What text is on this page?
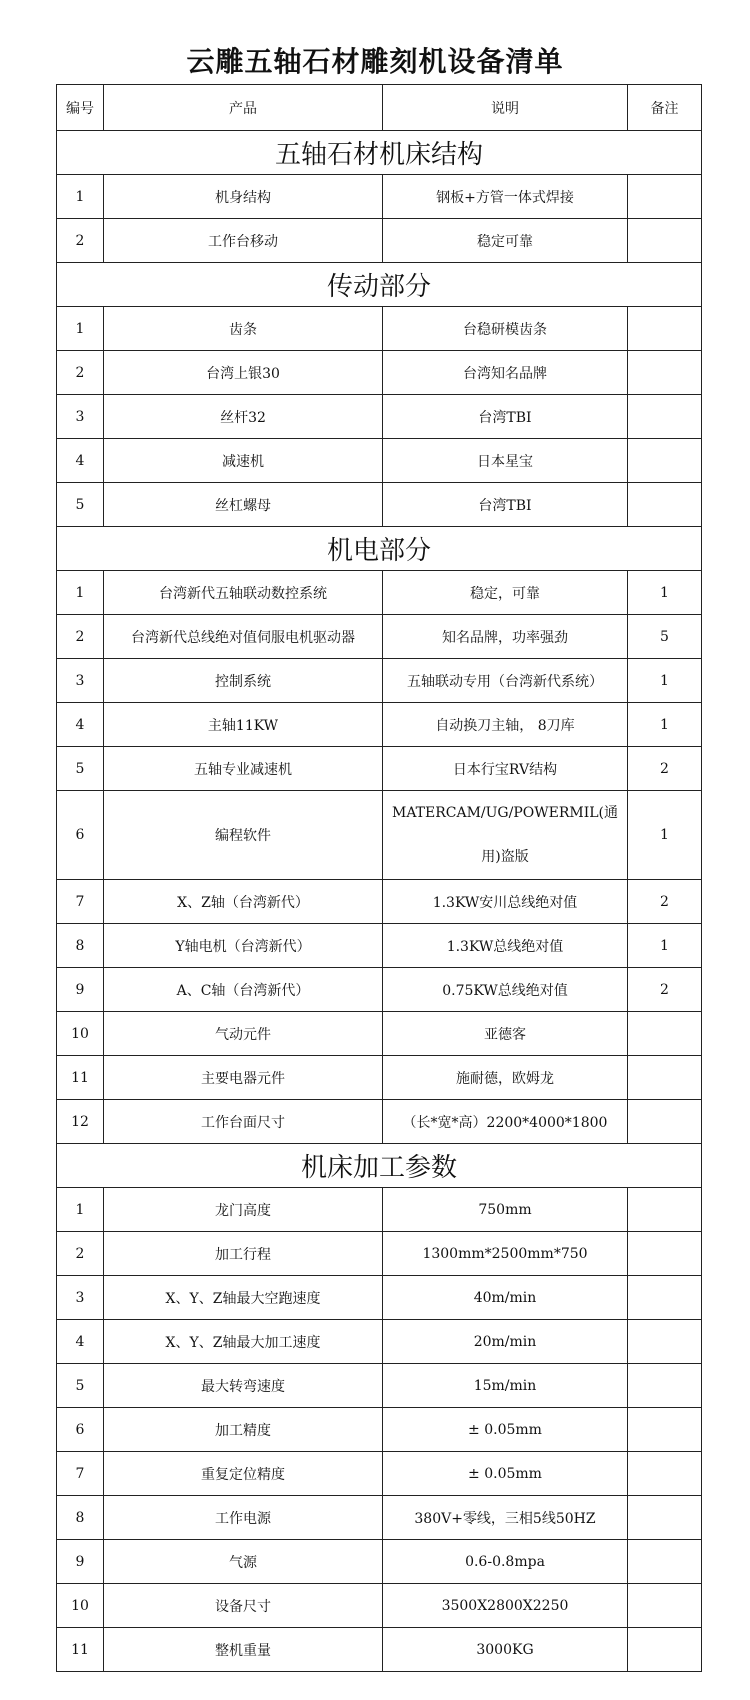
云雕五轴石材雕刻机设备清单
编号	产品	说明	备注
五轴石材机床结构			
1	机身结构	钢板+方管一体式焊接	
2	工作台移动	稳定可靠	
传动部分			
1	齿条	台稳研模齿条	
2	台湾上银30	台湾知名品牌	
3	丝杆32	台湾TBI	
4	减速机	日本星宝	
5	丝杠螺母	台湾TBI	
机电部分			
1	台湾新代五轴联动数控系统	稳定，可靠	1
2	台湾新代总线绝对值伺服电机驱动器	知名品牌，功率强劲	5
3	控制系统	五轴联动专用（台湾新代系统）	1
4	主轴11KW	自动换刀主轴， 8刀库	1
5	五轴专业减速机	日本行宝RV结构	2
6	编程软件	MATERCAM/UG/POWERMIL(通用)盗版	1
7	X、Z轴（台湾新代）	1.3KW安川总线绝对值	2
8	Y轴电机（台湾新代）	1.3KW总线绝对值	1
9	A、C轴（台湾新代）	0.75KW总线绝对值	2
10	气动元件	亚德客	
11	主要电器元件	施耐德，欧姆龙	
12	工作台面尺寸	（长*宽*高）2200*4000*1800	
机床加工参数			
1	龙门高度	750mm	
2	加工行程	1300mm*2500mm*750	
3	X、Y、Z轴最大空跑速度	40m/min	
4	X、Y、Z轴最大加工速度	20m/min	
5	最大转弯速度	15m/min	
6	加工精度	± 0.05mm	
7	重复定位精度	± 0.05mm	
8	工作电源	380V+零线，三相5线50HZ	
9	气源	0.6-0.8mpa	
10	设备尺寸	3500X2800X2250	
11	整机重量	3000KG	
